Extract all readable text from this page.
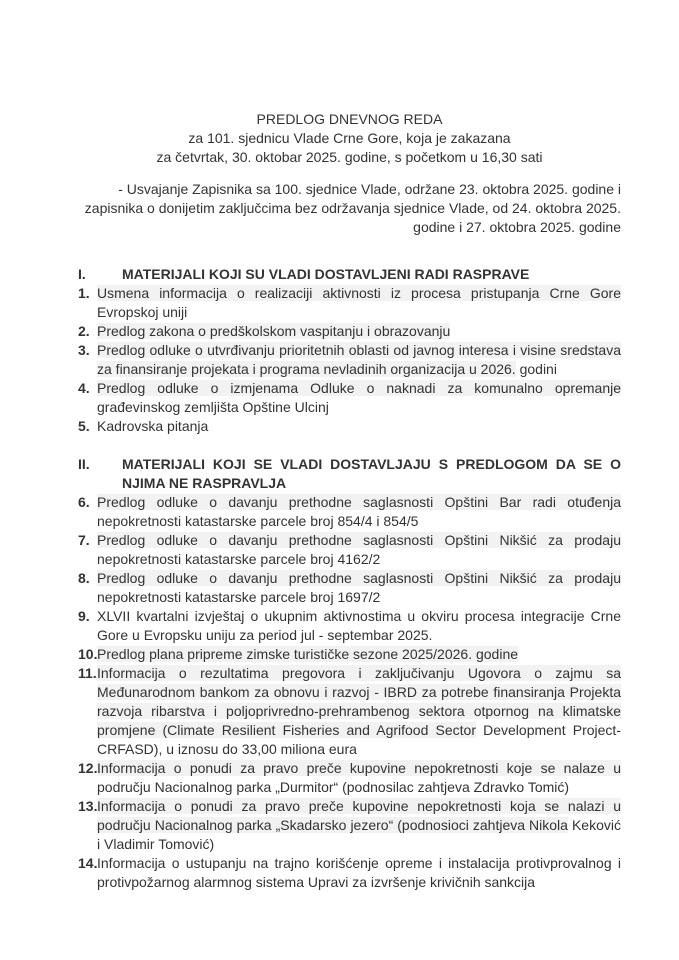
PREDLOG DNEVNOG REDA
za 101. sjednicu Vlade Crne Gore, koja je zakazana
za četvrtak, 30. oktobar 2025. godine, s početkom u 16,30 sati

- Usvajanje Zapisnika sa 100. sjednice Vlade, održane 23. oktobra 2025. godine i zapisnika o donijetim zaključcima bez održavanja sjednice Vlade, od 24. oktobra 2025. godine i 27. oktobra 2025. godine

I.	MATERIJALI KOJI SU VLADI DOSTAVLJENI RADI RASPRAVE
1. Usmena informacija o realizaciji aktivnosti iz procesa pristupanja Crne Gore Evropskoj uniji
2. Predlog zakona o predškolskom vaspitanju i obrazovanju
3. Predlog odluke o utvrđivanju prioritetnih oblasti od javnog interesa i visine sredstava za finansiranje projekata i programa nevladinih organizacija u 2026. godini
4. Predlog odluke o izmjenama Odluke o naknadi za komunalno opremanje građevinskog zemljišta Opštine Ulcinj
5. Kadrovska pitanja
II. MATERIJALI KOJI SE VLADI DOSTAVLJAJU S PREDLOGOM DA SE O NJIMA NE RASPRAVLJA
6. Predlog odluke o davanju prethodne saglasnosti Opštini Bar radi otuđenja nepokretnosti katastarske parcele broj 854/4 i 854/5
7. Predlog odluke o davanju prethodne saglasnosti Opštini Nikšić za prodaju nepokretnosti katastarske parcele broj 4162/2
8. Predlog odluke o davanju prethodne saglasnosti Opštini Nikšić za prodaju nepokretnosti katastarske parcele broj 1697/2
9. XLVII kvartalni izvještaj o ukupnim aktivnostima u okviru procesa integracije Crne Gore u Evropsku uniju za period jul - septembar 2025.
10. Predlog plana pripreme zimske turističke sezone 2025/2026. godine
11. Informacija o rezultatima pregovora i zaključivanju Ugovora o zajmu sa Međunarodnom bankom za obnovu i razvoj - IBRD za potrebe finansiranja Projekta razvoja ribarstva i poljoprivredno-prehrambenog sektora otpornog na klimatske promjene (Climate Resilient Fisheries and Agrifood Sector Development Project- CRFASD), u iznosu do 33,00 miliona eura
12. Informacija o ponudi za pravo preče kupovine nepokretnosti koje se nalaze u području Nacionalnog parka „Durmitor“ (podnosilac zahtjeva Zdravko Tomić)
13. Informacija o ponudi za pravo preče kupovine nepokretnosti koja se nalazi u području Nacionalnog parka „Skadarsko jezero“ (podnosioci zahtjeva Nikola Keković i Vladimir Tomović)
14. Informacija o ustupanju na trajno korišćenje opreme i instalacija protivprovalnog i protivpožarnog alarmnog sistema Upravi za izvršenje krivičnih sankcija
